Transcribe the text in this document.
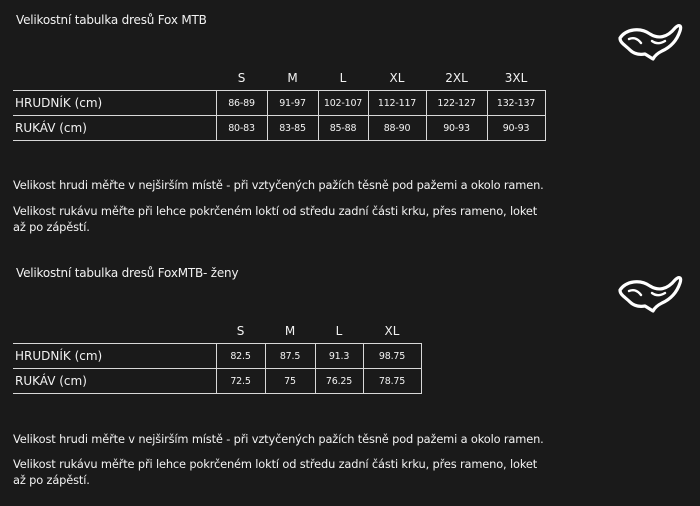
Velikostní tabulka dresů Fox MTB
	S	M	L	XL	2XL	3XL
HRUDNÍK (cm)	86-89	91-97	102-107	112-117	122-127	132-137
RUKÁV (cm)	80-83	83-85	85-88	88-90	90-93	90-93
Velikost hrudi měřte v nejširším místě - při vztyčených pažích těsně pod pažemi a okolo ramen.
Velikost rukávu měřte při lehce pokrčeném loktí od středu zadní části krku, přes rameno, loket
až po zápěstí.
Velikostní tabulka dresů FoxMTB- ženy
	S	M	L	XL
HRUDNÍK (cm)	82.5	87.5	91.3	98.75
RUKÁV (cm)	72.5	75	76.25	78.75
Velikost hrudi měřte v nejširším místě - při vztyčených pažích těsně pod pažemi a okolo ramen.
Velikost rukávu měřte při lehce pokrčeném loktí od středu zadní části krku, přes rameno, loket
až po zápěstí.
